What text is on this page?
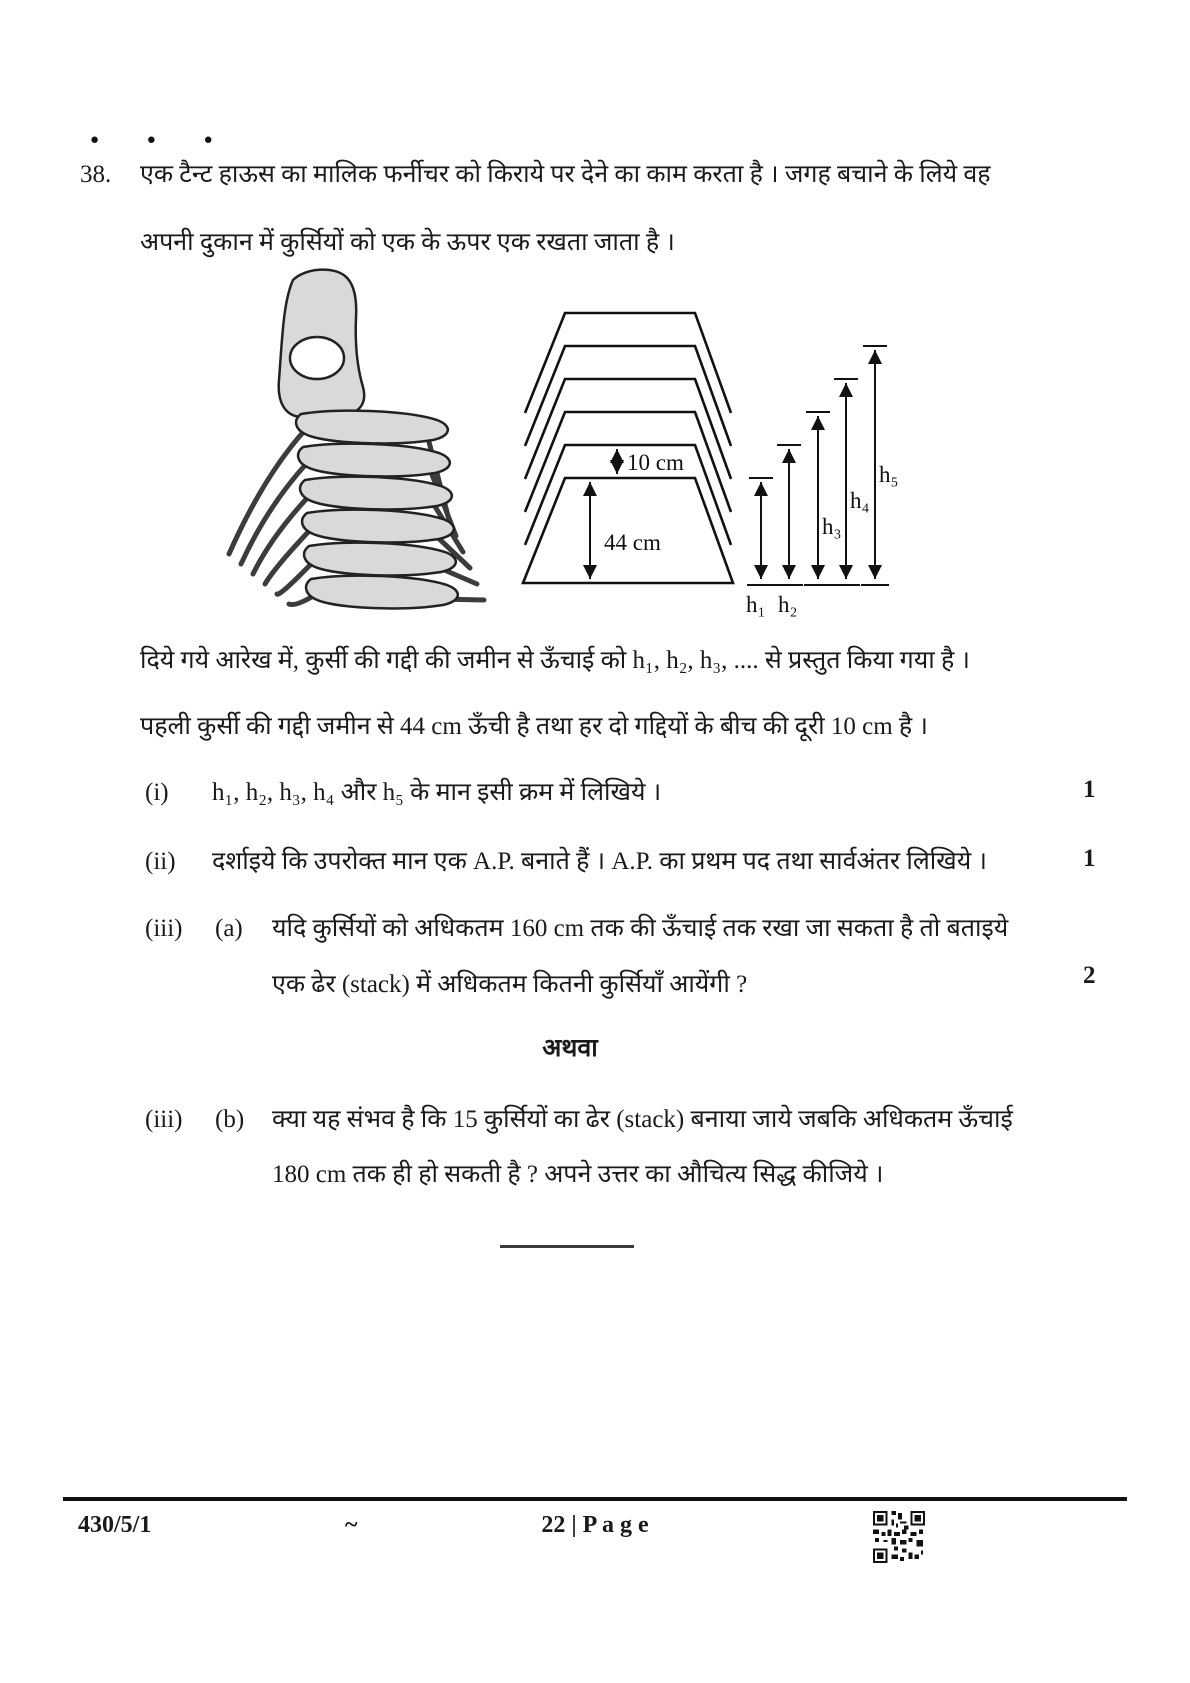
● ● ●
38. एक टैन्ट हाऊस का मालिक फर्नीचर को किराये पर देने का काम करता है । जगह बचाने के लिये वह
अपनी दुकान में कुर्सियों को एक के ऊपर एक रखता जाता है ।
10 cm
44 cm
h₁ h₂
h₃
h₄
h₅
दिये गये आरेख में, कुर्सी की गद्दी की जमीन से ऊँचाई को h₁, h₂, h₃, .... से प्रस्तुत किया गया है ।
पहली कुर्सी की गद्दी जमीन से 44 cm ऊँची है तथा हर दो गद्दियों के बीच की दूरी 10 cm है ।
(i) h₁, h₂, h₃, h₄ और h₅ के मान इसी क्रम में लिखिये ।	1
(ii) दर्शाइये कि उपरोक्त मान एक A.P. बनाते हैं । A.P. का प्रथम पद तथा सार्वअंतर लिखिये ।	1
(iii) (a) यदि कुर्सियों को अधिकतम 160 cm तक की ऊँचाई तक रखा जा सकता है तो बताइये
एक ढेर (stack) में अधिकतम कितनी कुर्सियाँ आयेंगी ?	2
अथवा
(iii) (b) क्या यह संभव है कि 15 कुर्सियों का ढेर (stack) बनाया जाये जबकि अधिकतम ऊँचाई
180 cm तक ही हो सकती है ? अपने उत्तर का औचित्य सिद्ध कीजिये ।
430/5/1	~	22 | P a g e
